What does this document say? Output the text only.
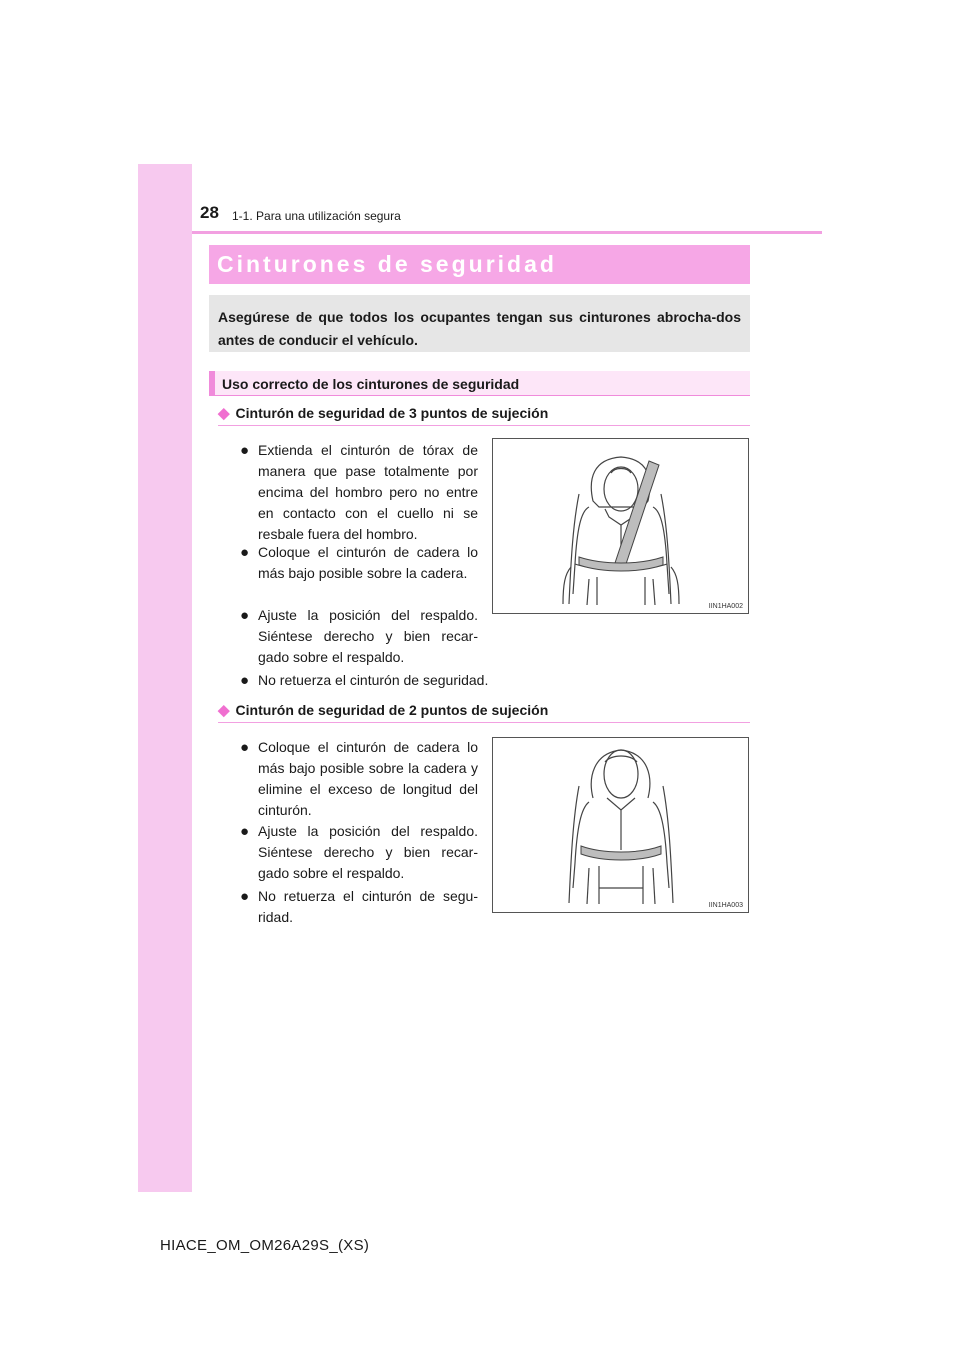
28 1-1. Para una utilización segura
Cinturones de seguridad
Asegúrese de que todos los ocupantes tengan sus cinturones abrocha-dos antes de conducir el vehículo.
Uso correcto de los cinturones de seguridad
◆ Cinturón de seguridad de 3 puntos de sujeción
● Extienda el cinturón de tórax de manera que pase totalmente por encima del hombro pero no entre en contacto con el cuello ni se resbale fuera del hombro.
● Coloque el cinturón de cadera lo más bajo posible sobre la cadera.
● Ajuste la posición del respaldo. Siéntese derecho y bien recar-gado sobre el respaldo.
● No retuerza el cinturón de seguridad.
IIN1HA002
◆ Cinturón de seguridad de 2 puntos de sujeción
● Coloque el cinturón de cadera lo más bajo posible sobre la cadera y elimine el exceso de longitud del cinturón.
● Ajuste la posición del respaldo. Siéntese derecho y bien recar-gado sobre el respaldo.
● No retuerza el cinturón de segu-ridad.
IIN1HA003
HIACE_OM_OM26A29S_(XS)
